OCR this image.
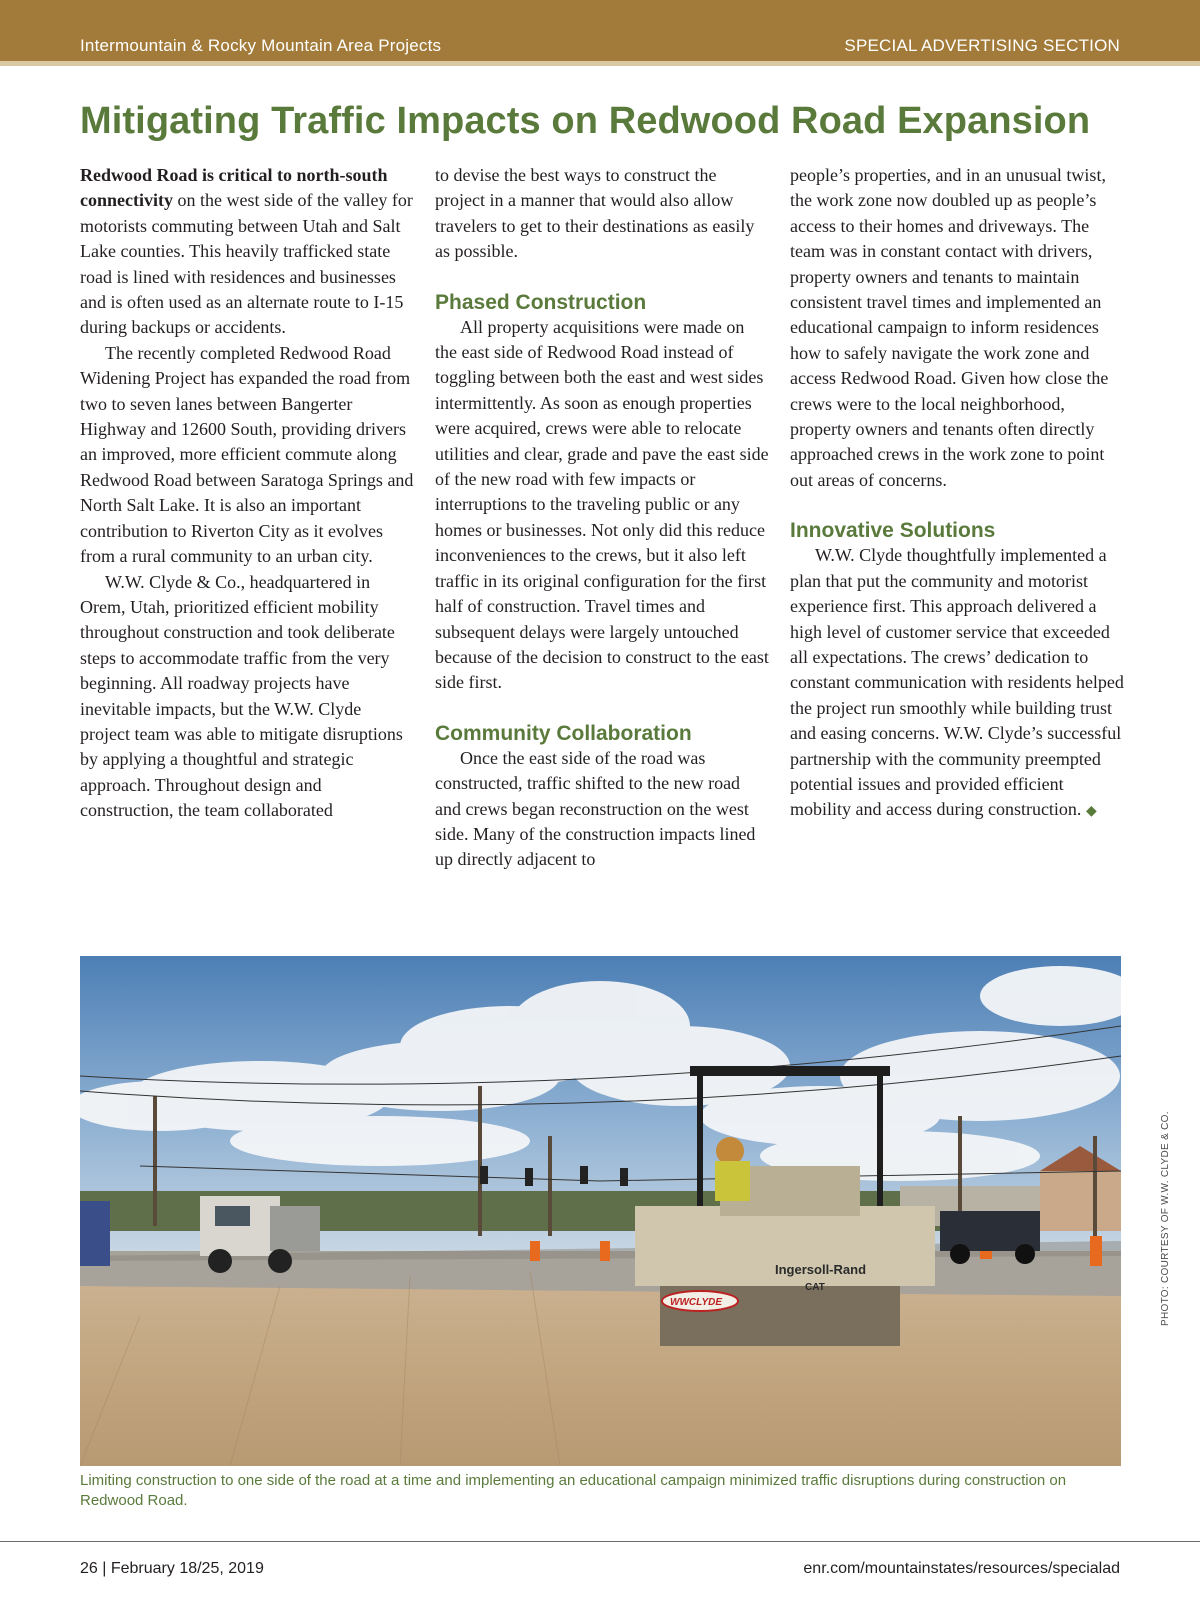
Intermountain & Rocky Mountain Area Projects	SPECIAL ADVERTISING SECTION
Mitigating Traffic Impacts on Redwood Road Expansion

Redwood Road is critical to north-south connectivity on the west side of the valley for motorists commuting between Utah and Salt Lake counties. This heavily trafficked state road is lined with residences and businesses and is often used as an alternate route to I-15 during backups or accidents.

The recently completed Redwood Road Widening Project has expanded the road from two to seven lanes between Bangerter Highway and 12600 South, providing drivers an improved, more efficient commute along Redwood Road between Saratoga Springs and North Salt Lake. It is also an important contribution to Riverton City as it evolves from a rural community to an urban city.

W.W. Clyde & Co., headquartered in Orem, Utah, prioritized efficient mobility throughout construction and took deliberate steps to accommodate traffic from the very beginning. All roadway projects have inevitable impacts, but the W.W. Clyde project team was able to mitigate disruptions by applying a thoughtful and strategic approach. Throughout design and construction, the team collaborated

to devise the best ways to construct the project in a manner that would also allow travelers to get to their destinations as easily as possible.

Phased Construction

All property acquisitions were made on the east side of Redwood Road instead of toggling between both the east and west sides intermittently. As soon as enough properties were acquired, crews were able to relocate utilities and clear, grade and pave the east side of the new road with few impacts or interruptions to the traveling public or any homes or businesses. Not only did this reduce inconveniences to the crews, but it also left traffic in its original configuration for the first half of construction. Travel times and subsequent delays were largely untouched because of the decision to construct to the east side first.

Community Collaboration

Once the east side of the road was constructed, traffic shifted to the new road and crews began reconstruction on the west side. Many of the construction impacts lined up directly adjacent to

people’s properties, and in an unusual twist, the work zone now doubled up as people’s access to their homes and driveways. The team was in constant contact with drivers, property owners and tenants to maintain consistent travel times and implemented an educational campaign to inform residences how to safely navigate the work zone and access Redwood Road. Given how close the crews were to the local neighborhood, property owners and tenants often directly approached crews in the work zone to point out areas of concerns.

Innovative Solutions

W.W. Clyde thoughtfully implemented a plan that put the community and motorist experience first. This approach delivered a high level of customer service that exceeded all expectations. The crews’ dedication to constant communication with residents helped the project run smoothly while building trust and easing concerns. W.W. Clyde’s successful partnership with the community preempted potential issues and provided efficient mobility and access during construction. ◆

Ingersoll-Rand
CAT
WWCLYDE
Limiting construction to one side of the road at a time and implementing an educational campaign minimized traffic disruptions during construction on Redwood Road.
PHOTO: COURTESY OF W.W. CLYDE & CO.
26 | February 18/25, 2019	enr.com/mountainstates/resources/specialad
